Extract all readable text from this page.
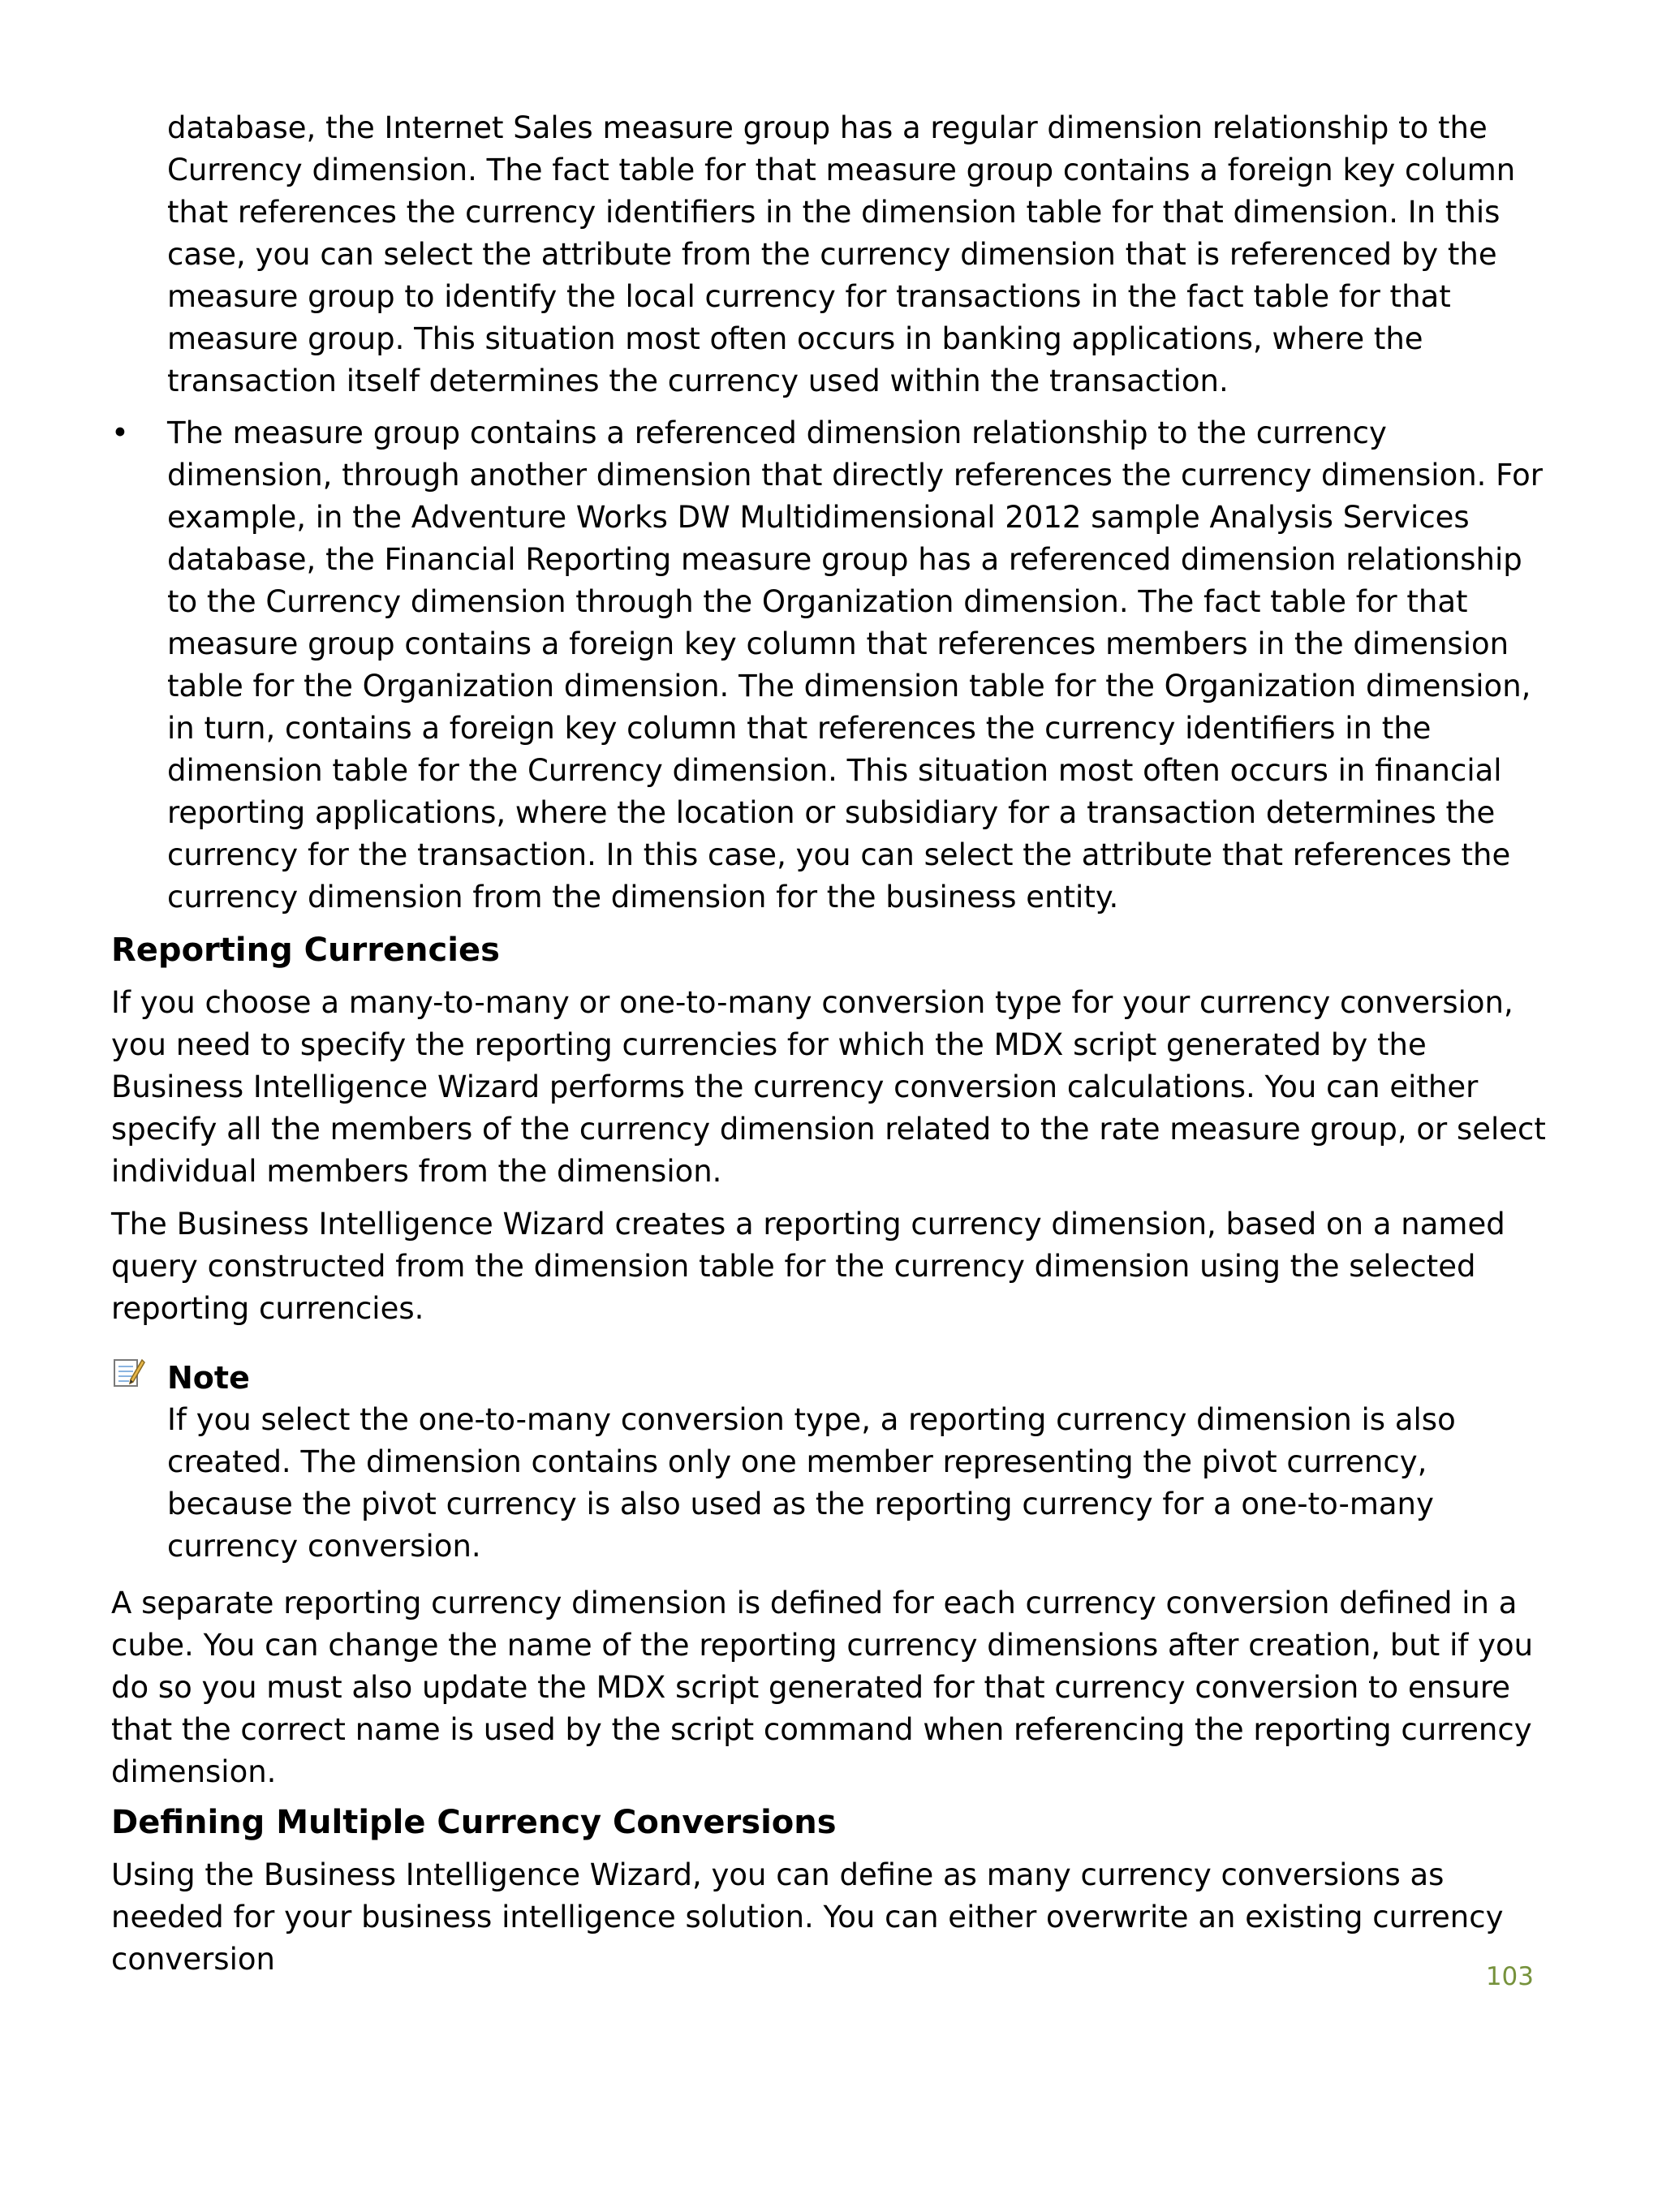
database, the Internet Sales measure group has a regular dimension relationship to the Currency dimension. The fact table for that measure group contains a foreign key column that references the currency identifiers in the dimension table for that dimension. In this case, you can select the attribute from the currency dimension that is referenced by the measure group to identify the local currency for transactions in the fact table for that measure group. This situation most often occurs in banking applications, where the transaction itself determines the currency used within the transaction.

•	The measure group contains a referenced dimension relationship to the currency dimension, through another dimension that directly references the currency dimension. For example, in the Adventure Works DW Multidimensional 2012 sample Analysis Services database, the Financial Reporting measure group has a referenced dimension relationship to the Currency dimension through the Organization dimension. The fact table for that measure group contains a foreign key column that references members in the dimension table for the Organization dimension. The dimension table for the Organization dimension, in turn, contains a foreign key column that references the currency identifiers in the dimension table for the Currency dimension. This situation most often occurs in financial reporting applications, where the location or subsidiary for a transaction determines the currency for the transaction. In this case, you can select the attribute that references the currency dimension from the dimension for the business entity.

Reporting Currencies

If you choose a many-to-many or one-to-many conversion type for your currency conversion, you need to specify the reporting currencies for which the MDX script generated by the Business Intelligence Wizard performs the currency conversion calculations. You can either specify all the members of the currency dimension related to the rate measure group, or select individual members from the dimension.

The Business Intelligence Wizard creates a reporting currency dimension, based on a named query constructed from the dimension table for the currency dimension using the selected reporting currencies.

Note

If you select the one-to-many conversion type, a reporting currency dimension is also created. The dimension contains only one member representing the pivot currency, because the pivot currency is also used as the reporting currency for a one-to-many currency conversion.

A separate reporting currency dimension is defined for each currency conversion defined in a cube. You can change the name of the reporting currency dimensions after creation, but if you do so you must also update the MDX script generated for that currency conversion to ensure that the correct name is used by the script command when referencing the reporting currency dimension.

Defining Multiple Currency Conversions

Using the Business Intelligence Wizard, you can define as many currency conversions as needed for your business intelligence solution. You can either overwrite an existing currency conversion	103
